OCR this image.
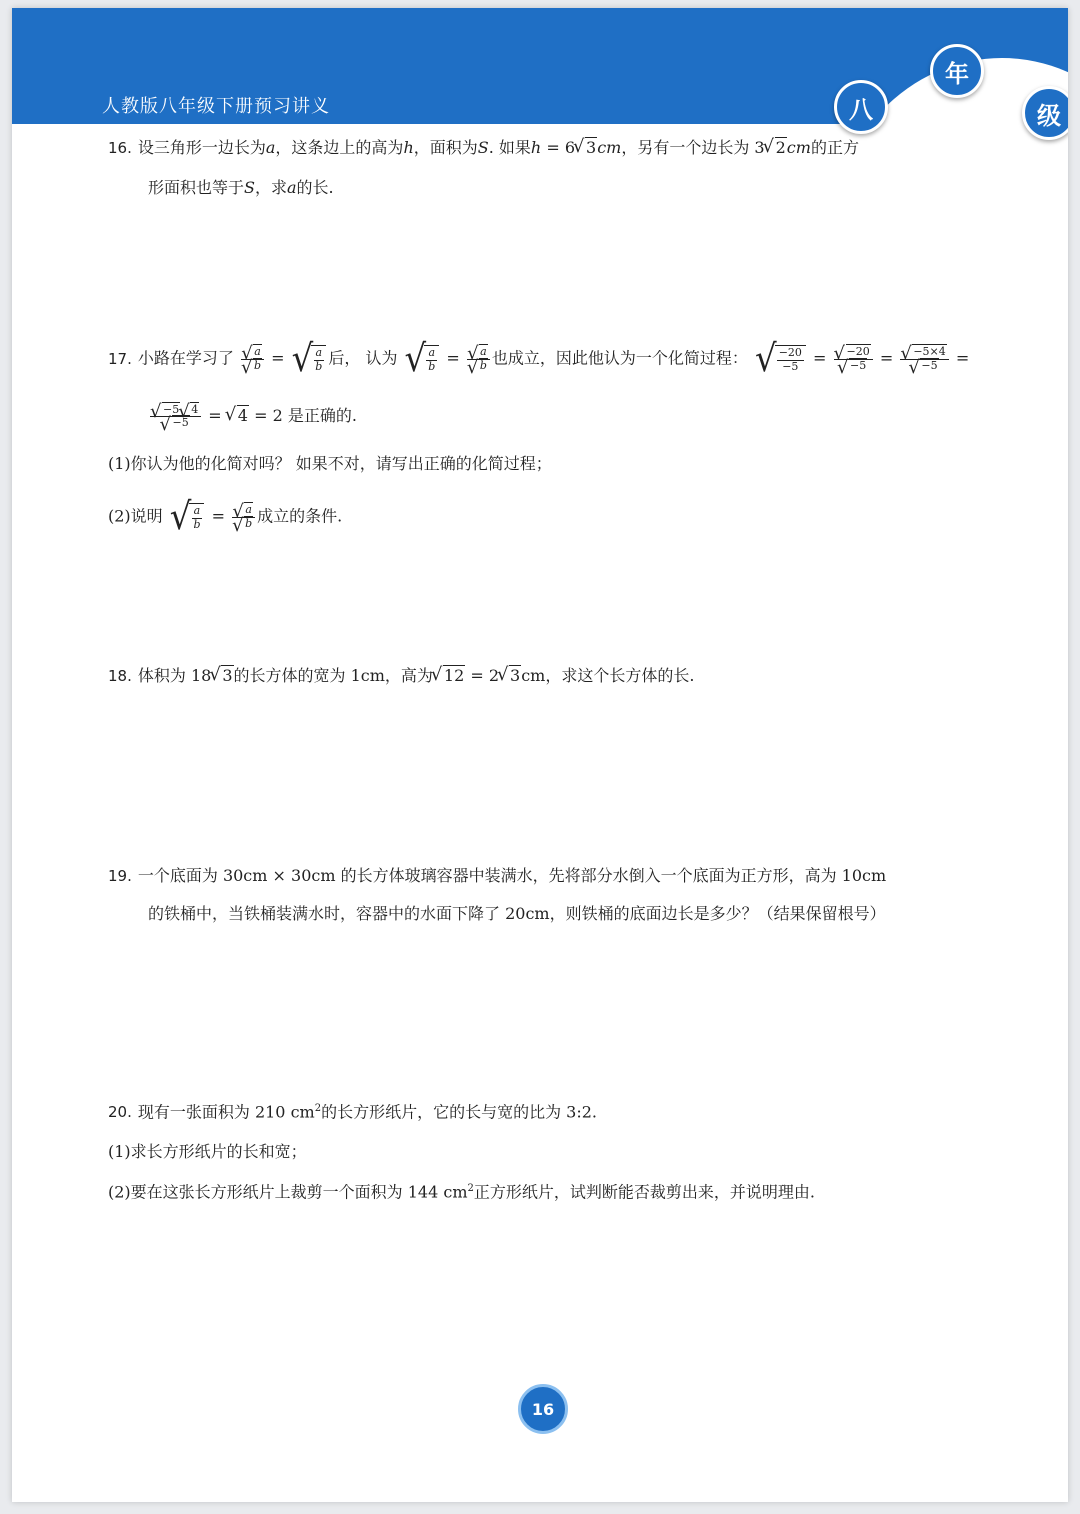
人教版八年级下册预习讲义	八
年
级
16. 设三角形一边长为a，这条边上的高为h，面积为S. 如果h = 6 √ 3cm，另有一个边长为 3 √ 2cm的正方
形面积也等于S，求a的长.
17. 小路在学习了 √ a
√ b = √ $\frac{a}{b}$ 后， 认为 √ $\frac{a}{b}$ = √ a
√ b 也成立，因此他认为一个化简过程： √ $\frac{-20}{-5}$ = √ −20
√ −5 = √ −5×4
√ −5 =
√ −5 √ 4
√ −5 = √ 4 = 2 是正确的.
(1)你认为他的化简对吗？ 如果不对，请写出正确的化简过程；
(2)说明 √ $\frac{a}{b}$ = √ a
√ b 成立的条件.
18. 体积为 18 √ 3的长方体的宽为 1cm，高为 √ 12 = 2 √ 3cm，求这个长方体的长.
19. 一个底面为 30cm × 30cm 的长方体玻璃容器中装满水，先将部分水倒入一个底面为正方形，高为 10cm
的铁桶中，当铁桶装满水时，容器中的水面下降了 20cm，则铁桶的底面边长是多少？（结果保留根号）
20. 现有一张面积为 210 $cm^2$的长方形纸片，它的长与宽的比为 3:2.
(1)求长方形纸片的长和宽；
(2)要在这张长方形纸片上裁剪一个面积为 144 $cm^2$正方形纸片，试判断能否裁剪出来，并说明理由.
16
